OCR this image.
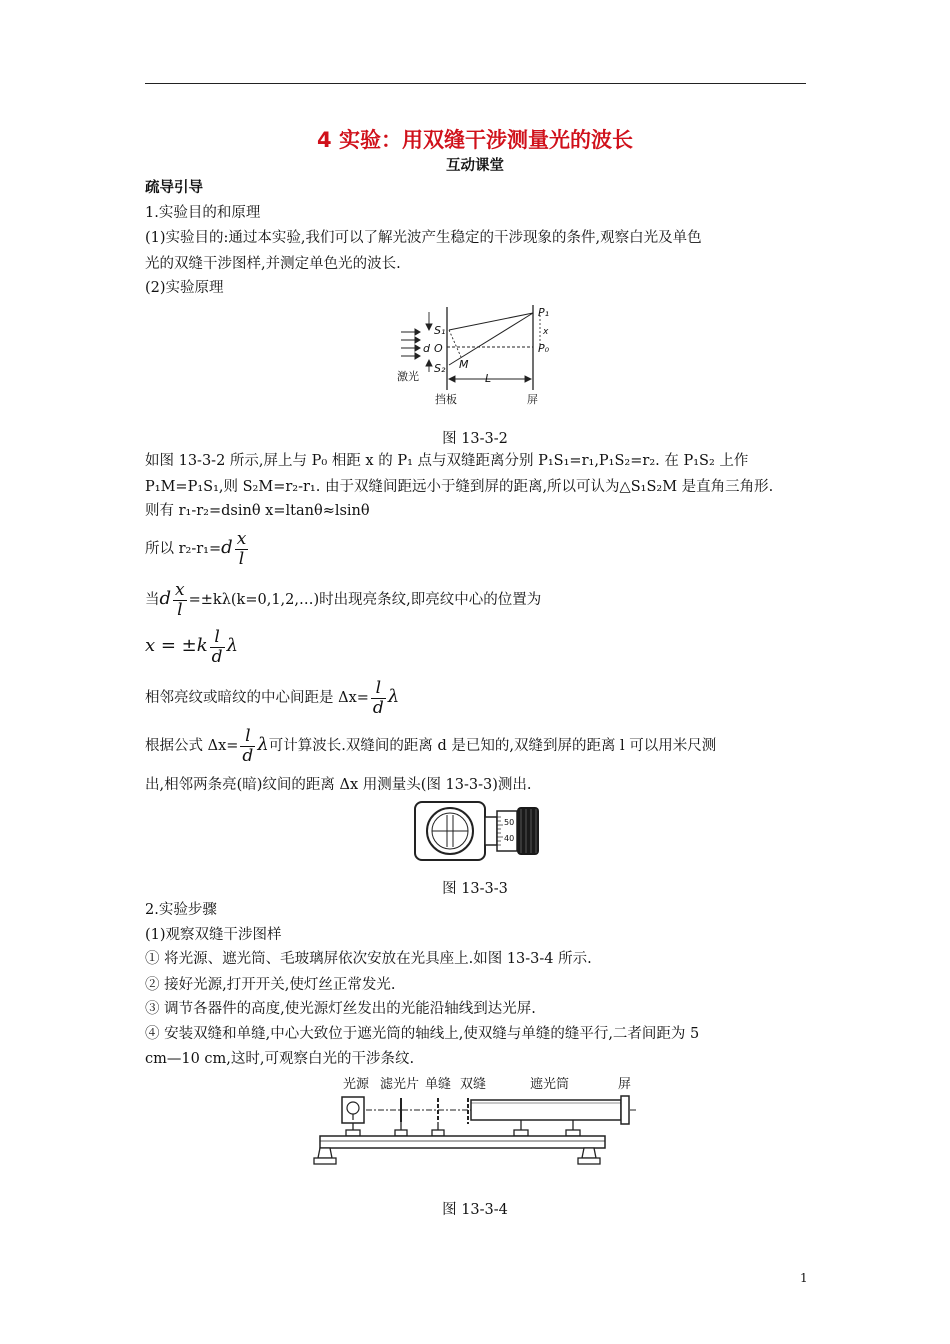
4 实验：用双缝干涉测量光的波长
互动课堂
疏导引导
1.实验目的和原理
(1)实验目的:通过本实验,我们可以了解光波产生稳定的干涉现象的条件,观察白光及单色
光的双缝干涉图样,并测定单色光的波长.
(2)实验原理
S₁
S₂
O
d
M
P₁
P₀
x
L
激光
挡板	屏
图 13-3-2
如图 13-3-2 所示,屏上与 P₀ 相距 x 的 P₁ 点与双缝距离分别 P₁S₁=r₁,P₁S₂=r₂. 在 P₁S₂ 上作
P₁M=P₁S₁,则 S₂M=r₂-r₁. 由于双缝间距远小于缝到屏的距离,所以可认为△S₁S₂M 是直角三角形.
则有 r₁-r₂=dsinθ x=ltanθ≈lsinθ
所以 $r_2-r_1=d \frac{x}{l}$
当d $\frac{x}{l}$ =±kλ(k=0,1,2,…)时出现亮条纹,即亮纹中心的位置为
$x = \pm k \frac{l}{d}$ λ
相邻亮纹或暗纹的中心间距是 $\Delta x= \frac{l}{d}$ λ
根据公式 $\Delta x= \frac{l}{d}$ λ可计算波长.双缝间的距离 d 是已知的,双缝到屏的距离 l 可以用米尺测
出,相邻两条亮(暗)纹间的距离 Δx 用测量头(图 13-3-3)测出.
50
40
图 13-3-3
2.实验步骤
(1)观察双缝干涉图样
① 将光源、遮光筒、毛玻璃屏依次安放在光具座上.如图 13-3-4 所示.
② 接好光源,打开开关,使灯丝正常发光.
③ 调节各器件的高度,使光源灯丝发出的光能沿轴线到达光屏.
④ 安装双缝和单缝,中心大致位于遮光筒的轴线上,使双缝与单缝的缝平行,二者间距为 5
cm—10 cm,这时,可观察白光的干涉条纹.
光源 滤光片 单缝 双缝	遮光筒	屏
图 13-3-4
1
